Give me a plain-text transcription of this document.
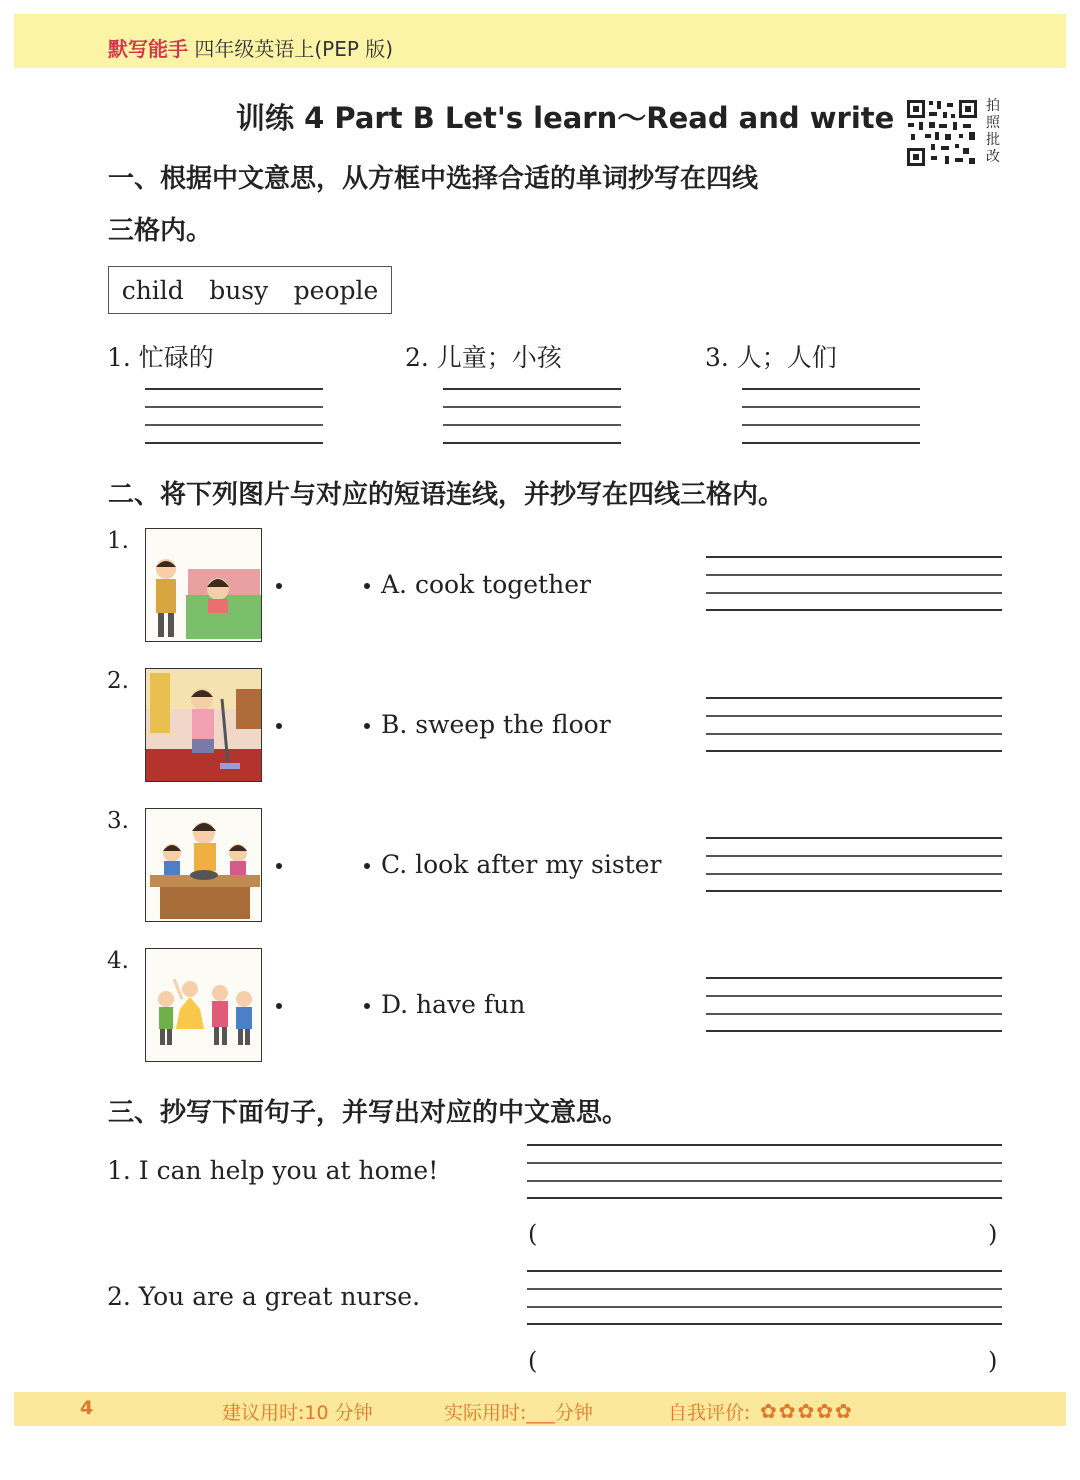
默写能手 四年级英语上(PEP 版)
训练 4 Part B Let's learn～Read and write	拍照批改
一、根据中文意思，从方框中选择合适的单词抄写在四线
三格内。
child busy people
1. 忙碌的	2. 儿童；小孩	3. 人；人们
二、将下列图片与对应的短语连线，并抄写在四线三格内。
1.
A. cook together
2.
B. sweep the floor
3.
C. look after my sister
4.
D. have fun
三、抄写下面句子，并写出对应的中文意思。
1. I can help you at home!
(	)
2. You are a great nurse.
(	)
4	建议用时:10 分钟	实际用时:___分钟	自我评价: ✿✿✿✿✿
